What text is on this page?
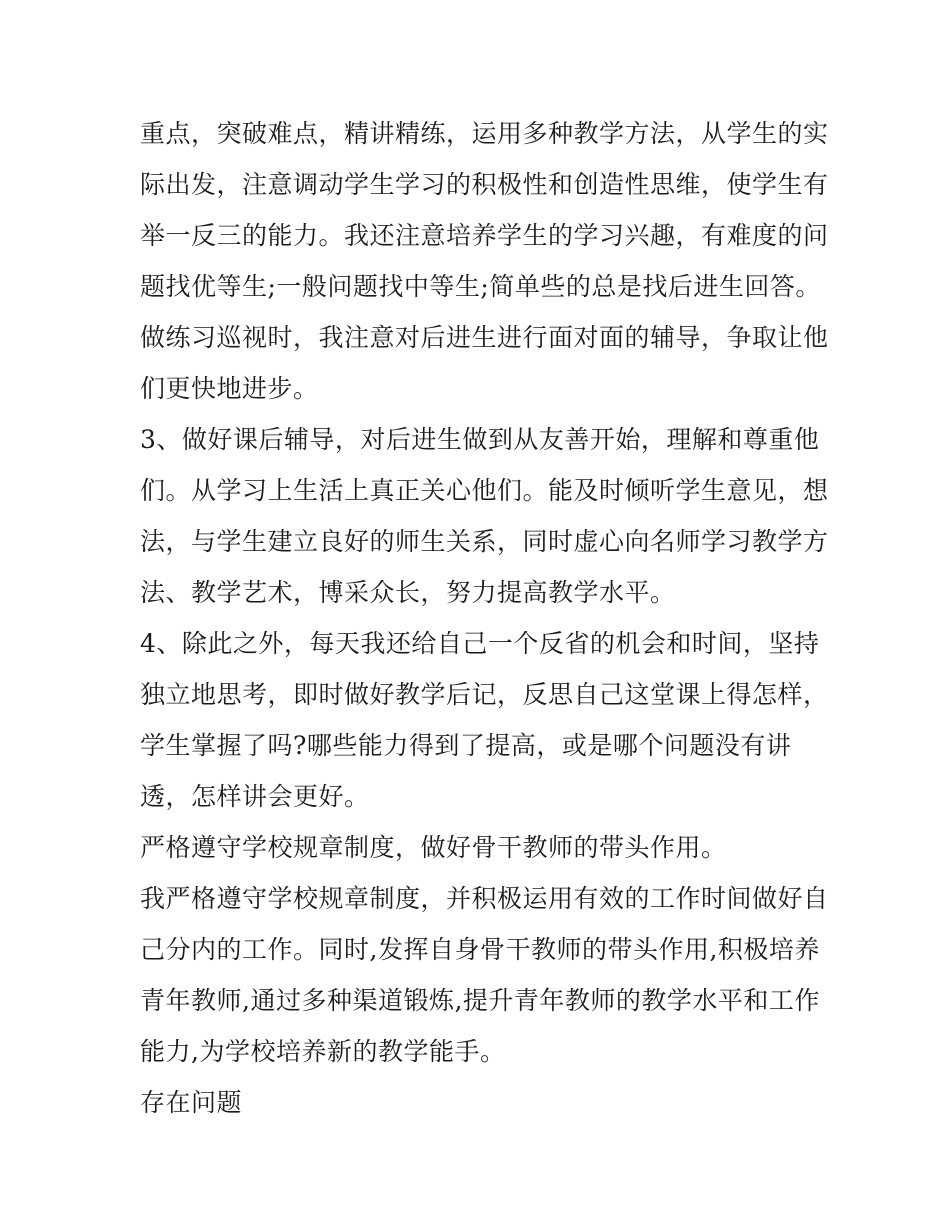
重点，突破难点，精讲精练，运用多种教学方法，从学生的实
际出发，注意调动学生学习的积极性和创造性思维，使学生有
举一反三的能力。我还注意培养学生的学习兴趣，有难度的问
题找优等生;一般问题找中等生;简单些的总是找后进生回答。
做练习巡视时，我注意对后进生进行面对面的辅导，争取让他
们更快地进步。
3、做好课后辅导，对后进生做到从友善开始，理解和尊重他
们。从学习上生活上真正关心他们。能及时倾听学生意见，想
法，与学生建立良好的师生关系，同时虚心向名师学习教学方
法、教学艺术，博采众长，努力提高教学水平。
4、除此之外，每天我还给自己一个反省的机会和时间，坚持
独立地思考，即时做好教学后记，反思自己这堂课上得怎样，
学生掌握了吗?哪些能力得到了提高，或是哪个问题没有讲
透，怎样讲会更好。
严格遵守学校规章制度，做好骨干教师的带头作用。
我严格遵守学校规章制度，并积极运用有效的工作时间做好自
己分内的工作。同时,发挥自身骨干教师的带头作用,积极培养
青年教师,通过多种渠道锻炼,提升青年教师的教学水平和工作
能力,为学校培养新的教学能手。
存在问题
